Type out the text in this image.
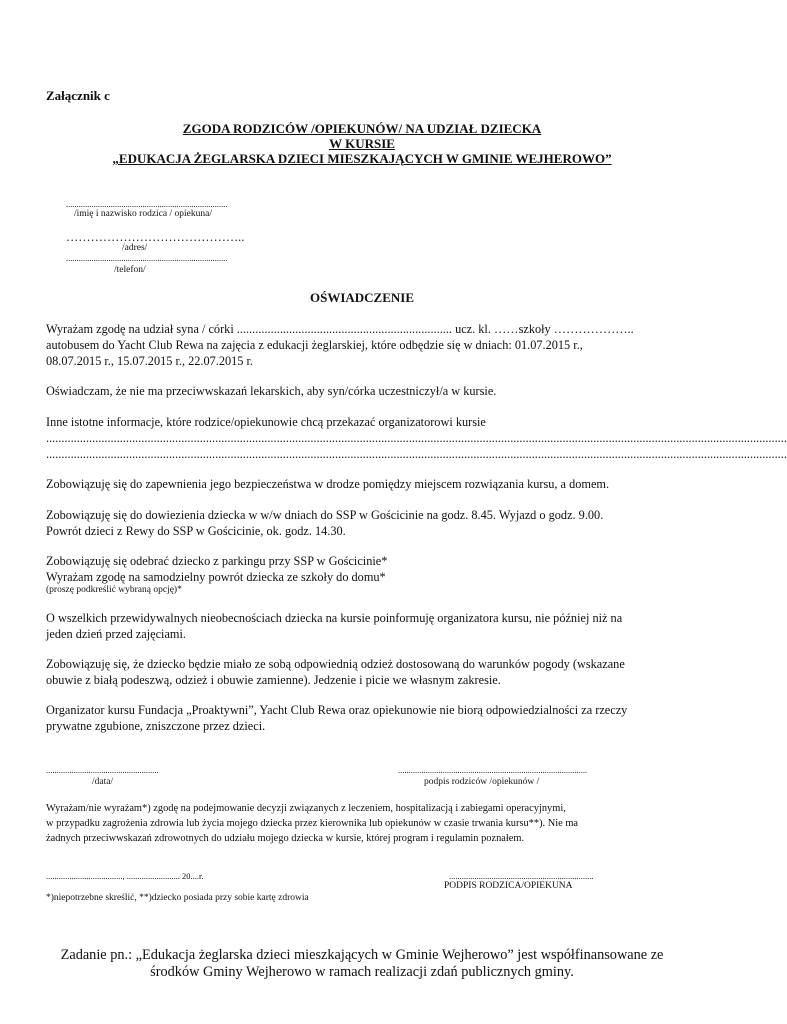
Załącznik c
ZGODA RODZICÓW /OPIEKUNÓW/ NA UDZIAŁ DZIECKA
W KURSIE
„EDUKACJA ŻEGLARSKA DZIECI MIESZKAJĄCYCH W GMINIE WEJHEROWO”
............................................................................
/imię i nazwisko rodzica / opiekuna/
……………………………………..
/adres/
............................................................................
/telefon/
OŚWIADCZENIE
Wyrażam zgodę na udział syna / córki ...................................................................... ucz. kl. ……szkoły ………………..
autobusem do Yacht Club Rewa na zajęcia z edukacji żeglarskiej, które odbędzie się w dniach: 01.07.2015 r.,
08.07.2015 r., 15.07.2015 r., 22.07.2015 r.
Oświadczam, że nie ma przeciwwskazań lekarskich, aby syn/córka uczestniczył/a w kursie.
Inne istotne informacje, które rodzice/opiekunowie chcą przekazać organizatorowi kursie
.................................................................................................................................................................................................................................................
.................................................................................................................................................................................................................................................
Zobowiązuję się do zapewnienia jego bezpieczeństwa w drodze pomiędzy miejscem rozwiązania kursu, a domem.
Zobowiązuję się do dowiezienia dziecka w w/w dniach do SSP w Gościcinie na godz. 8.45. Wyjazd o godz. 9.00.
Powrót dzieci z Rewy do SSP w Gościcinie, ok. godz. 14.30.
Zobowiązuję się odebrać dziecko z parkingu przy SSP w Gościcinie*
Wyrażam zgodę na samodzielny powrót dziecka ze szkoły do domu*
(proszę podkreślić wybraną opcję)*
O wszelkich przewidywalnych nieobecnościach dziecka na kursie poinformuję organizatora kursu, nie później niż na
jeden dzień przed zajęciami.
Zobowiązuję się, że dziecko będzie miało ze sobą odpowiednią odzież dostosowaną do warunków pogody (wskazane
obuwie z białą podeszwą, odzież i obuwie zamienne). Jedzenie i picie we własnym zakresie.
Organizator kursu Fundacja „Proaktywni”, Yacht Club Rewa oraz opiekunowie nie biorą odpowiedzialności za rzeczy
prywatne zgubione, zniszczone przez dzieci.
.....................................................
/data/
.........................................................................................
podpis rodziców /opiekunów /
Wyrażam/nie wyrażam*) zgodę na podejmowanie decyzji związanych z leczeniem, hospitalizacją i zabiegami operacyjnymi,
w przypadku zagrożenia zdrowia lub życia mojego dziecka przez kierownika lub opiekunów w czasie trwania kursu**). Nie ma
żadnych przeciwwskazań zdrowotnych do udziału mojego dziecka w kursie, której program i regulamin poznałem.
...................................., ......................... 20....r.	....................................................................
PODPIS RODZICA/OPIEKUNA
*)niepotrzebne skreślić, **)dziecko posiada przy sobie kartę zdrowia
Zadanie pn.: „Edukacja żeglarska dzieci mieszkających w Gminie Wejherowo” jest współfinansowane ze
środków Gminy Wejherowo w ramach realizacji zdań publicznych gminy.
